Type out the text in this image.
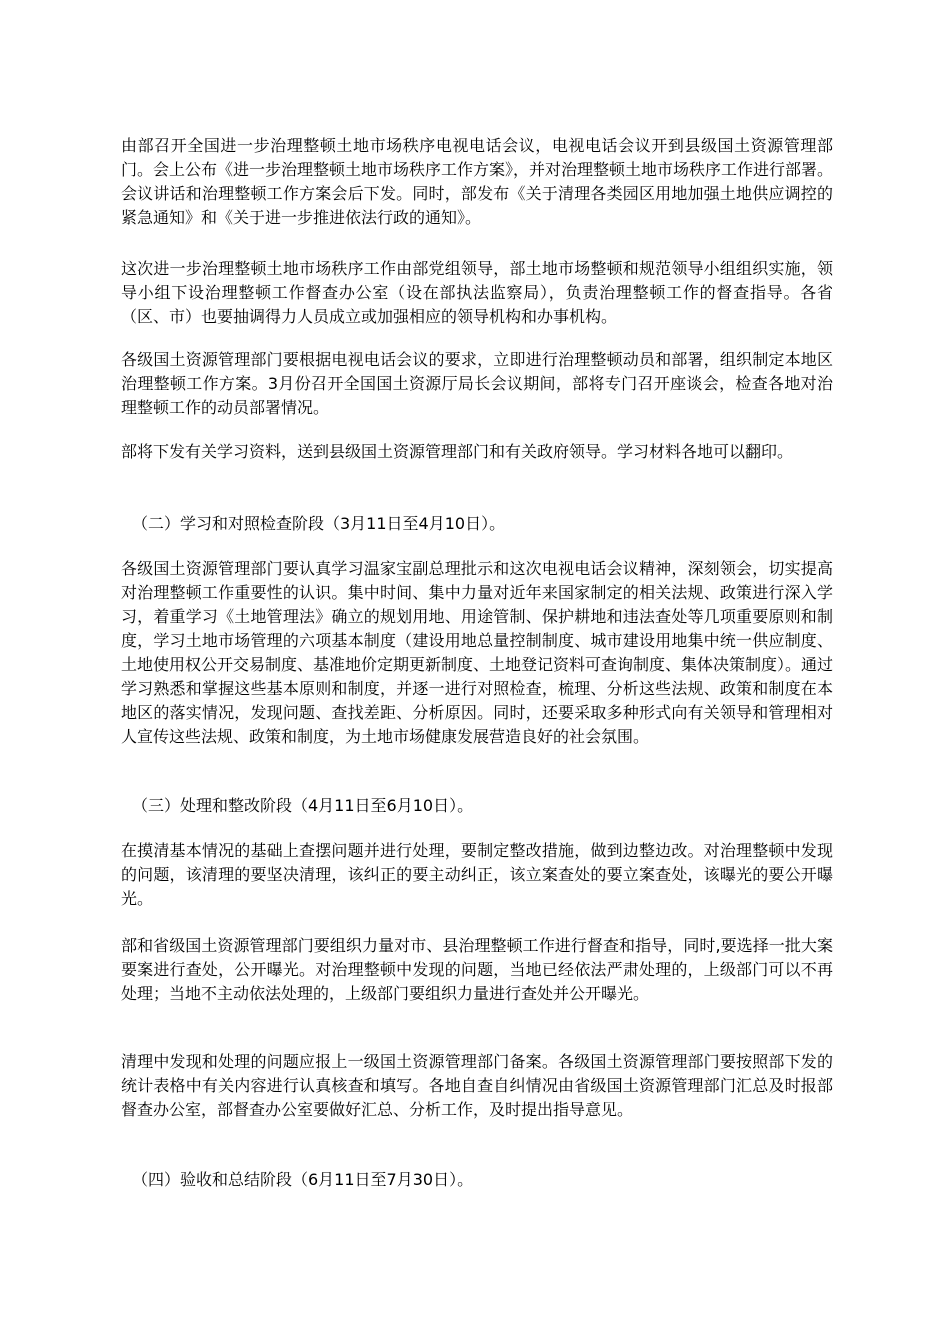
由部召开全国进一步治理整顿土地市场秩序电视电话会议，电视电话会议开到县级国土资源管理部门。会上公布《进一步治理整顿土地市场秩序工作方案》，并对治理整顿土地市场秩序工作进行部署。会议讲话和治理整顿工作方案会后下发。同时，部发布《关于清理各类园区用地加强土地供应调控的紧急通知》和《关于进一步推进依法行政的通知》。

这次进一步治理整顿土地市场秩序工作由部党组领导，部土地市场整顿和规范领导小组组织实施，领导小组下设治理整顿工作督查办公室（设在部执法监察局），负责治理整顿工作的督查指导。各省（区、市）也要抽调得力人员成立或加强相应的领导机构和办事机构。

各级国土资源管理部门要根据电视电话会议的要求，立即进行治理整顿动员和部署，组织制定本地区治理整顿工作方案。3月份召开全国国土资源厅局长会议期间，部将专门召开座谈会，检查各地对治理整顿工作的动员部署情况。

部将下发有关学习资料，送到县级国土资源管理部门和有关政府领导。学习材料各地可以翻印。

（二）学习和对照检查阶段（3月11日至4月10日）。

各级国土资源管理部门要认真学习温家宝副总理批示和这次电视电话会议精神，深刻领会，切实提高对治理整顿工作重要性的认识。集中时间、集中力量对近年来国家制定的相关法规、政策进行深入学习，着重学习《土地管理法》确立的规划用地、用途管制、保护耕地和违法查处等几项重要原则和制度，学习土地市场管理的六项基本制度（建设用地总量控制制度、城市建设用地集中统一供应制度、土地使用权公开交易制度、基准地价定期更新制度、土地登记资料可查询制度、集体决策制度）。通过学习熟悉和掌握这些基本原则和制度，并逐一进行对照检查，梳理、分析这些法规、政策和制度在本地区的落实情况，发现问题、查找差距、分析原因。同时，还要采取多种形式向有关领导和管理相对人宣传这些法规、政策和制度，为土地市场健康发展营造良好的社会氛围。

（三）处理和整改阶段（4月11日至6月10日）。

在摸清基本情况的基础上查摆问题并进行处理，要制定整改措施，做到边整边改。对治理整顿中发现的问题，该清理的要坚决清理，该纠正的要主动纠正，该立案查处的要立案查处，该曝光的要公开曝光。

部和省级国土资源管理部门要组织力量对市、县治理整顿工作进行督查和指导，同时,要选择一批大案要案进行查处，公开曝光。对治理整顿中发现的问题，当地已经依法严肃处理的，上级部门可以不再处理；当地不主动依法处理的，上级部门要组织力量进行查处并公开曝光。

清理中发现和处理的问题应报上一级国土资源管理部门备案。各级国土资源管理部门要按照部下发的统计表格中有关内容进行认真核查和填写。各地自查自纠情况由省级国土资源管理部门汇总及时报部督查办公室，部督查办公室要做好汇总、分析工作，及时提出指导意见。

（四）验收和总结阶段（6月11日至7月30日）。
